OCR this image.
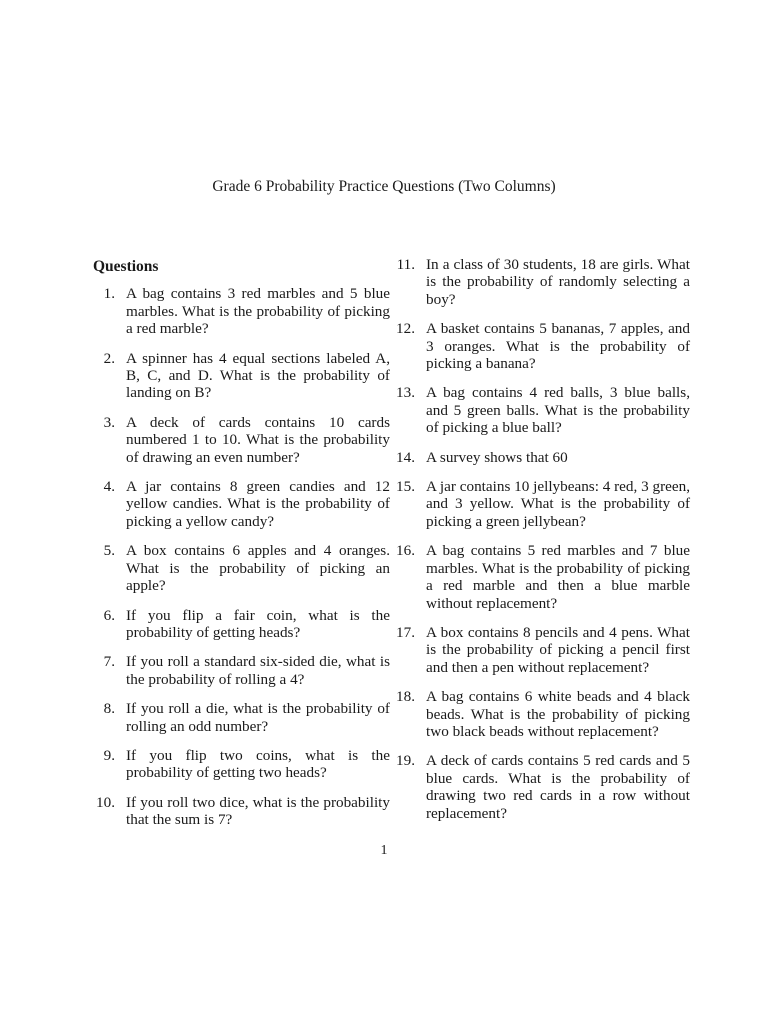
Grade 6 Probability Practice Questions (Two Columns)
Questions
1. A bag contains 3 red marbles and 5 blue marbles. What is the probability of picking a red marble?
2. A spinner has 4 equal sections labeled A, B, C, and D. What is the probability of landing on B?
3. A deck of cards contains 10 cards numbered 1 to 10. What is the probability of drawing an even number?
4. A jar contains 8 green candies and 12 yellow candies. What is the probability of picking a yellow candy?
5. A box contains 6 apples and 4 oranges. What is the probability of picking an apple?
6. If you flip a fair coin, what is the probability of getting heads?
7. If you roll a standard six-sided die, what is the probability of rolling a 4?
8. If you roll a die, what is the probability of rolling an odd number?
9. If you flip two coins, what is the probability of getting two heads?
10. If you roll two dice, what is the probability that the sum is 7?
11. In a class of 30 students, 18 are girls. What is the probability of randomly selecting a boy?
12. A basket contains 5 bananas, 7 apples, and 3 oranges. What is the probability of picking a banana?
13. A bag contains 4 red balls, 3 blue balls, and 5 green balls. What is the probability of picking a blue ball?
14. A survey shows that 60
15. A jar contains 10 jellybeans: 4 red, 3 green, and 3 yellow. What is the probability of picking a green jellybean?
16. A bag contains 5 red marbles and 7 blue marbles. What is the probability of picking a red marble and then a blue marble without replacement?
17. A box contains 8 pencils and 4 pens. What is the probability of picking a pencil first and then a pen without replacement?
18. A bag contains 6 white beads and 4 black beads. What is the probability of picking two black beads without replacement?
19. A deck of cards contains 5 red cards and 5 blue cards. What is the probability of drawing two red cards in a row without replacement?
1
